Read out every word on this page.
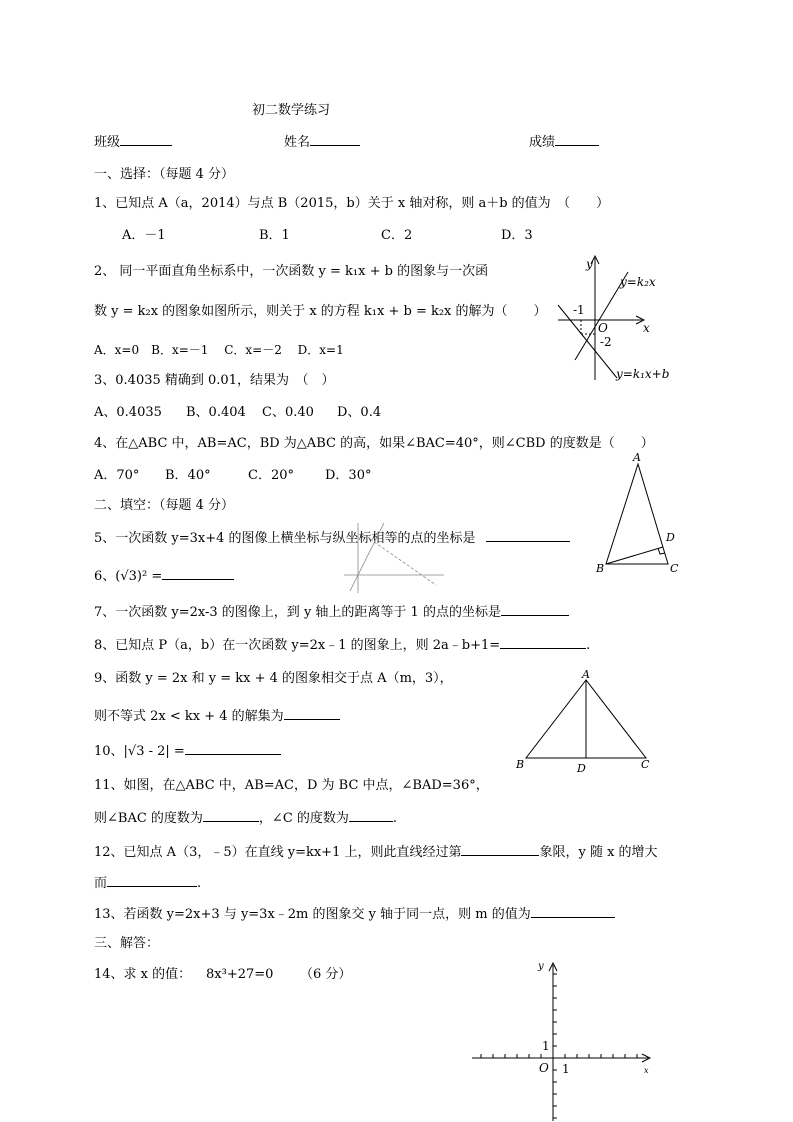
初二数学练习
班级	姓名	成绩
一、选择：（每题 4 分）
1、已知点 A（a，2014）与点 B（2015，b）关于 x 轴对称，则 a＋b 的值为　（　　）
A．－1	B．1	C．2	D．3
2、 同一平面直角坐标系中，一次函数 y = k₁x + b 的图象与一次函
数 y = k₂x 的图象如图所示，则关于 x 的方程 k₁x + b = k₂x 的解为（　　）
A．x=0　B．x=－1　 C．x=－2　 D．x=1
y
x
O
-1
-2
y=k₂x
y=k₁x+b
3、0.4035 精确到 0.01，结果为　（　）
A、0.4035 B、0.404 C、0.40 D、0.4
4、在△ABC 中，AB=AC，BD 为△ABC 的高，如果∠BAC=40°，则∠CBD 的度数是（　　）
A．70° B．40°	C．20° D．30°
A
B	C
D
二、填空：（每题 4 分）
5、一次函数 y=3x+4 的图像上横坐标与纵坐标相等的点的坐标是
6、(√3)² =
7、一次函数 y=2x-3 的图像上，到 y 轴上的距离等于 1 的点的坐标是
8、已知点 P（a，b）在一次函数 y=2x﹣1 的图象上，则 2a﹣b+1=	.
9、函数 y = 2x 和 y = kx + 4 的图象相交于点 A（m，3），
则不等式 2x < kx + 4 的解集为
A
B	C
D
10、|√3 - 2| =
11、如图，在△ABC 中，AB=AC，D 为 BC 中点，∠BAD=36°，
则∠BAC 的度数为	，∠C 的度数为	.
12、已知点 A（3，﹣5）在直线 y=kx+1 上，则此直线经过第	象限，y 随 x 的增大
而	.
13、若函数 y=2x+3 与 y=3x﹣2m 的图象交 y 轴于同一点，则 m 的值为
三、解答：
14、求 x 的值： 8x³+27=0 （6 分）
y
x
O 1
1
